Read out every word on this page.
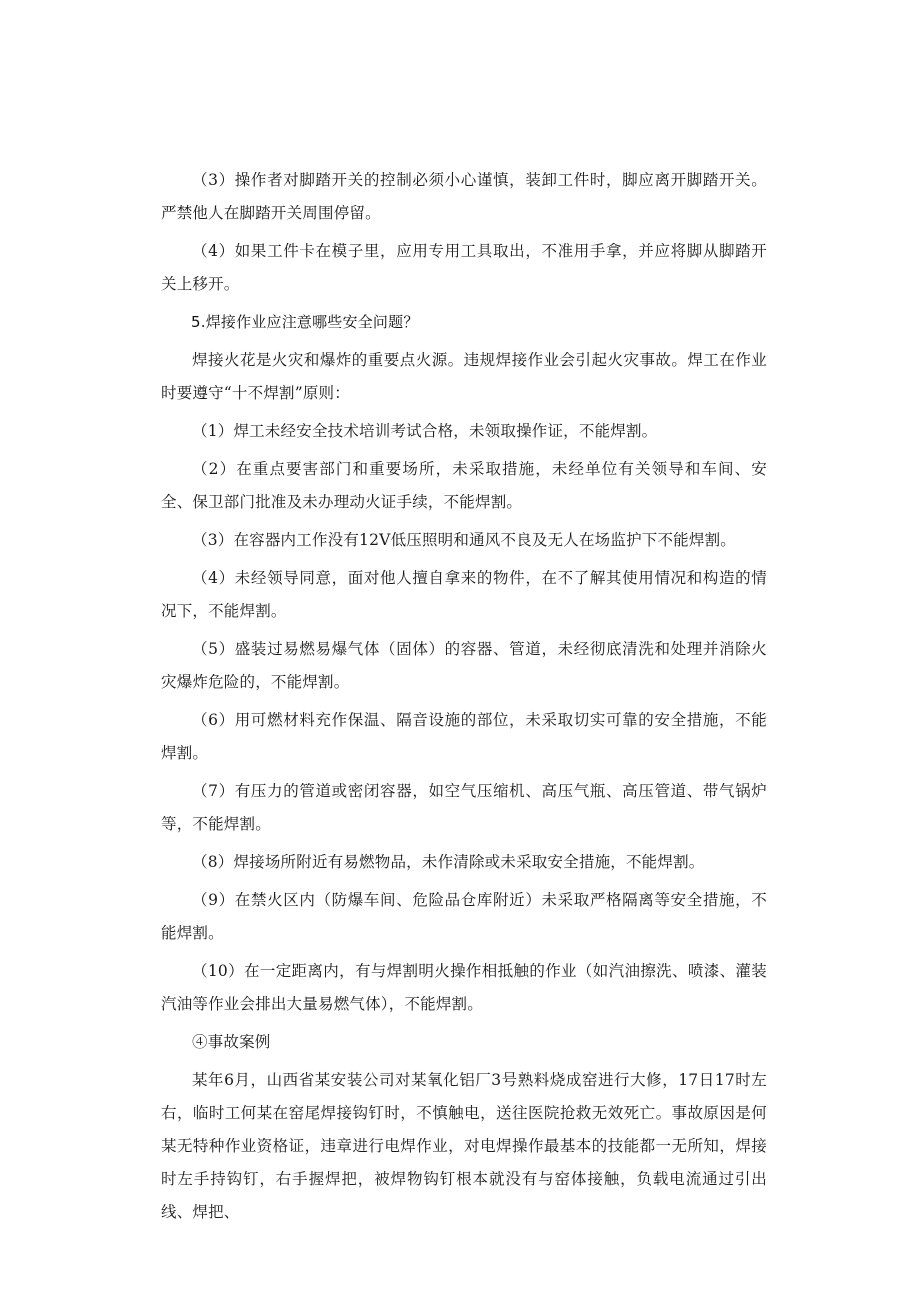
（3）操作者对脚踏开关的控制必须小心谨慎，装卸工件时，脚应离开脚踏开关。严禁他人在脚踏开关周围停留。

（4）如果工件卡在模子里，应用专用工具取出，不准用手拿，并应将脚从脚踏开关上移开。

5.焊接作业应注意哪些安全问题？

焊接火花是火灾和爆炸的重要点火源。违规焊接作业会引起火灾事故。焊工在作业时要遵守“十不焊割”原则：

（1）焊工未经安全技术培训考试合格，未领取操作证，不能焊割。

（2）在重点要害部门和重要场所，未采取措施，未经单位有关领导和车间、安全、保卫部门批准及未办理动火证手续，不能焊割。

（3）在容器内工作没有12V低压照明和通风不良及无人在场监护下不能焊割。

（4）未经领导同意，面对他人擅自拿来的物件，在不了解其使用情况和构造的情况下，不能焊割。

（5）盛装过易燃易爆气体（固体）的容器、管道，未经彻底清洗和处理并消除火灾爆炸危险的，不能焊割。

（6）用可燃材料充作保温、隔音设施的部位，未采取切实可靠的安全措施，不能焊割。

（7）有压力的管道或密闭容器，如空气压缩机、高压气瓶、高压管道、带气锅炉等，不能焊割。

（8）焊接场所附近有易燃物品，未作清除或未采取安全措施，不能焊割。

（9）在禁火区内（防爆车间、危险品仓库附近）未采取严格隔离等安全措施，不能焊割。

（10）在一定距离内，有与焊割明火操作相抵触的作业（如汽油擦洗、喷漆、灌装汽油等作业会排出大量易燃气体），不能焊割。

④事故案例

某年6月，山西省某安装公司对某氧化铝厂3号熟料烧成窑进行大修，17日17时左右，临时工何某在窑尾焊接钩钉时，不慎触电，送往医院抢救无效死亡。事故原因是何某无特种作业资格证，违章进行电焊作业，对电焊操作最基本的技能都一无所知，焊接时左手持钩钉，右手握焊把，被焊物钩钉根本就没有与窑体接触，负载电流通过引出线、焊把、
